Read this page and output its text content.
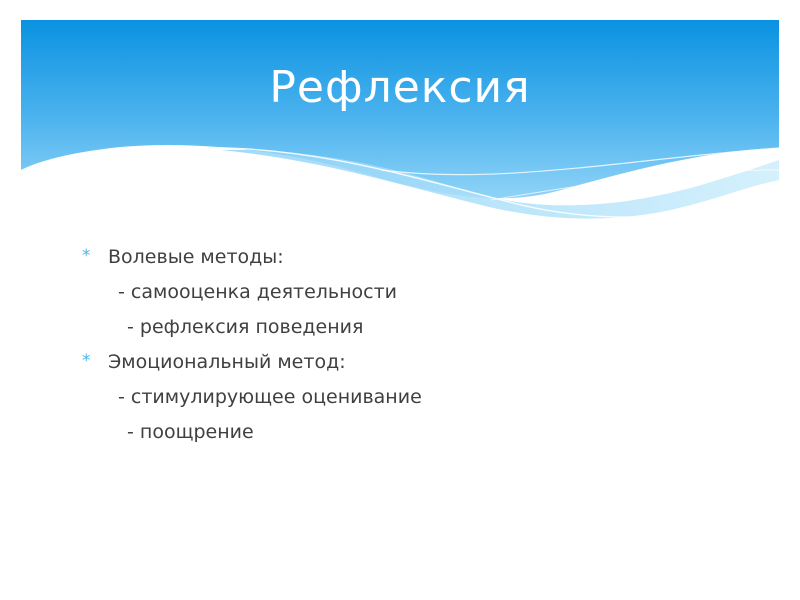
Рефлексия
* Волевые методы:
- самооценка деятельности
- рефлексия поведения
* Эмоциональный метод:
- стимулирующее оценивание
- поощрение
